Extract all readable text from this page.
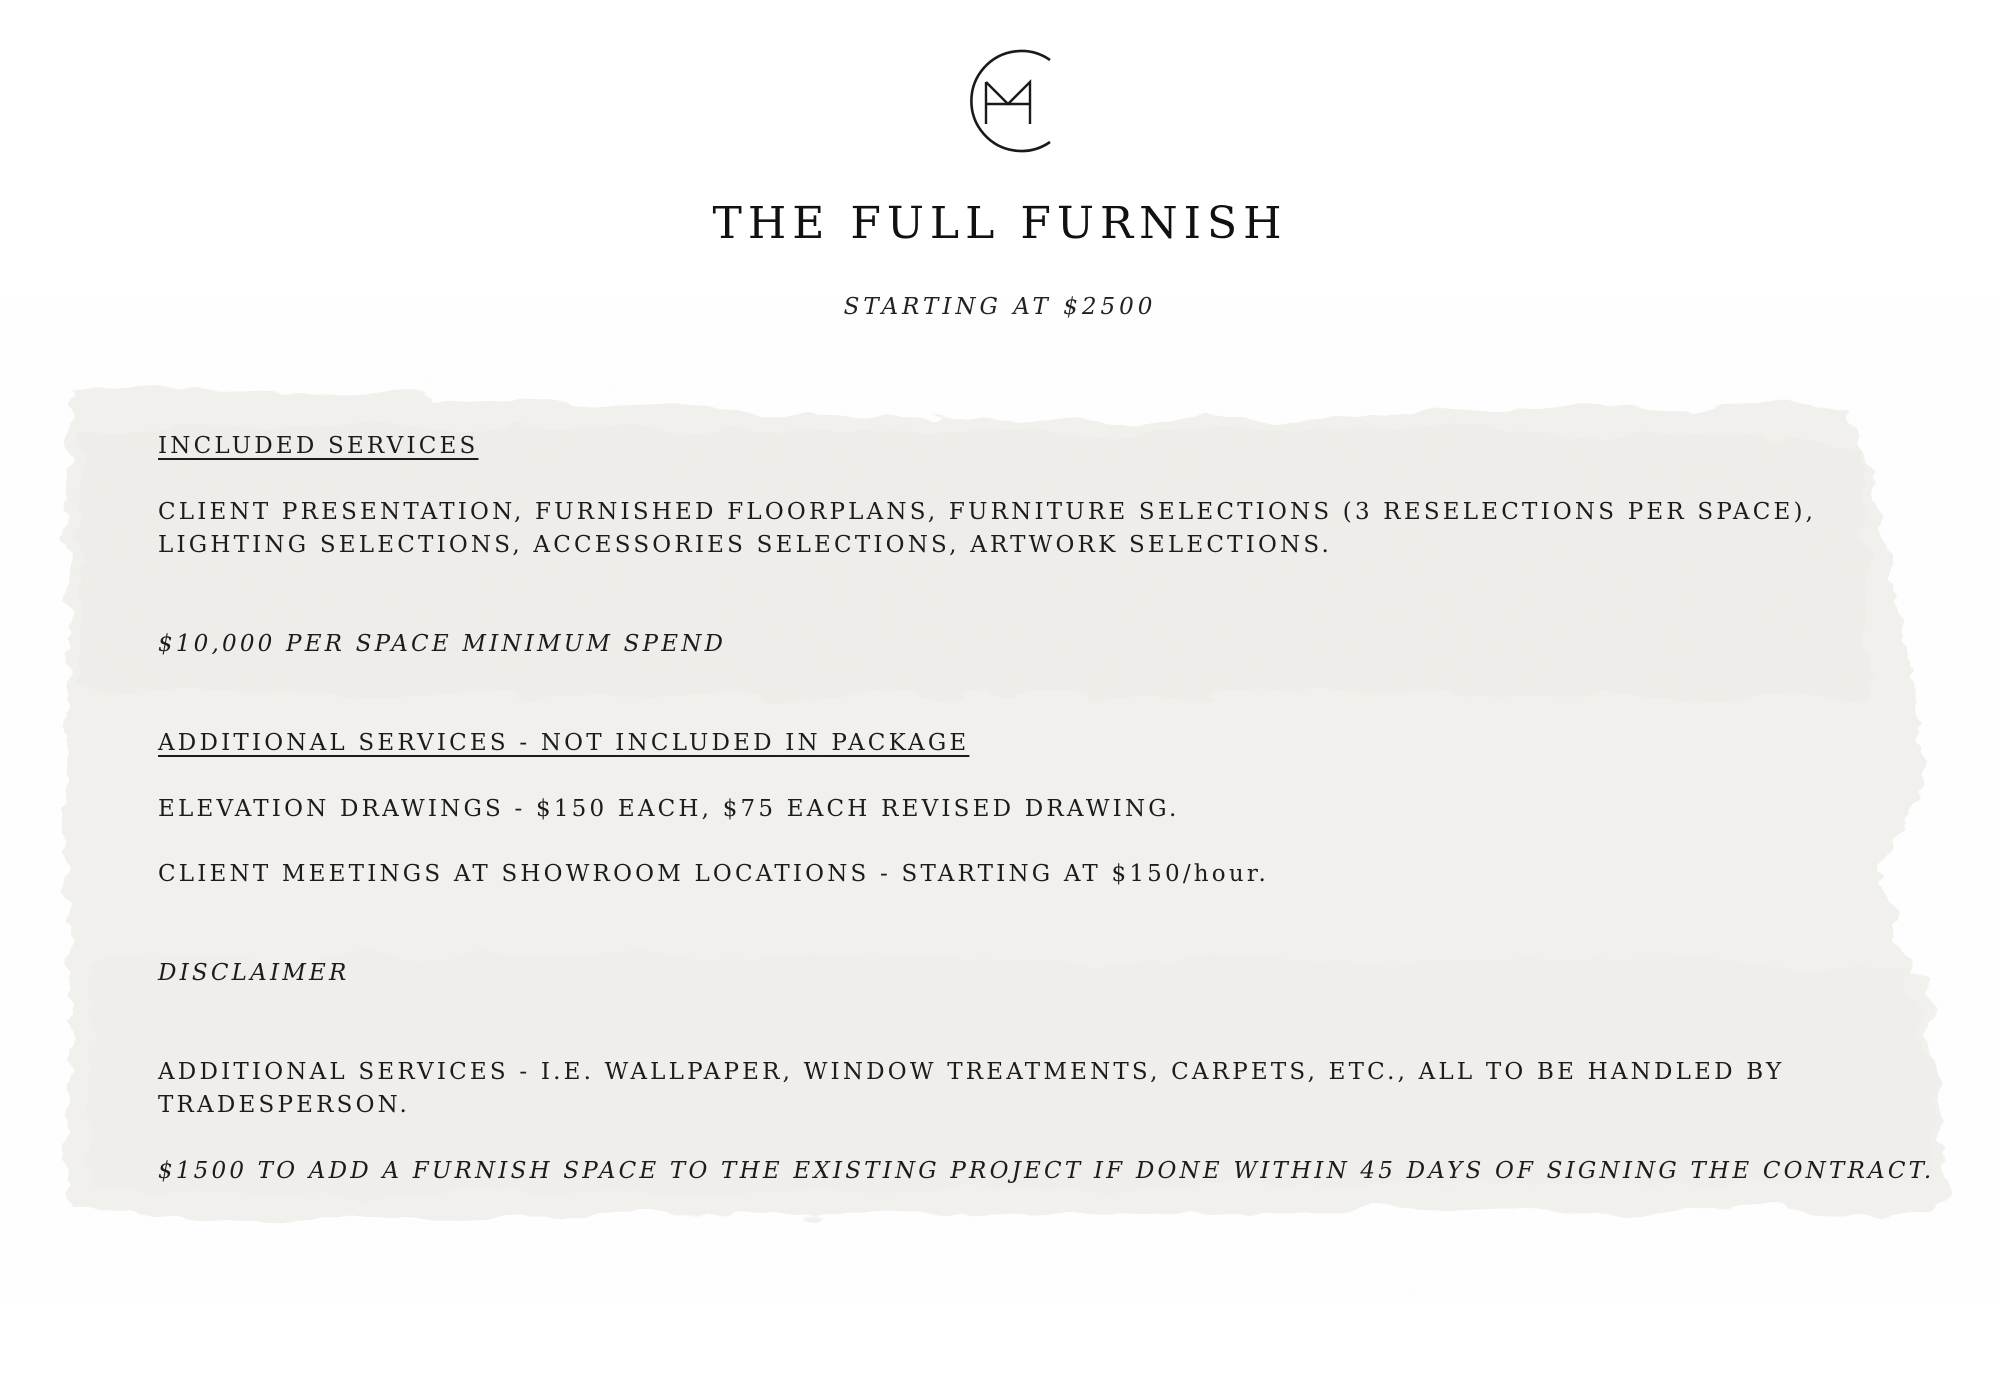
THE FULL FURNISH
STARTING AT $2500
INCLUDED SERVICES
CLIENT PRESENTATION, FURNISHED FLOORPLANS, FURNITURE SELECTIONS (3 RESELECTIONS PER SPACE),
LIGHTING SELECTIONS, ACCESSORIES SELECTIONS, ARTWORK SELECTIONS.
$10,000 PER SPACE MINIMUM SPEND
ADDITIONAL SERVICES - NOT INCLUDED IN PACKAGE
ELEVATION DRAWINGS - $150 EACH, $75 EACH REVISED DRAWING.
CLIENT MEETINGS AT SHOWROOM LOCATIONS - STARTING AT $150/hour.
DISCLAIMER
ADDITIONAL SERVICES - I.E. WALLPAPER, WINDOW TREATMENTS, CARPETS, ETC., ALL TO BE HANDLED BY
TRADESPERSON.
$1500 TO ADD A FURNISH SPACE TO THE EXISTING PROJECT IF DONE WITHIN 45 DAYS OF SIGNING THE CONTRACT.
